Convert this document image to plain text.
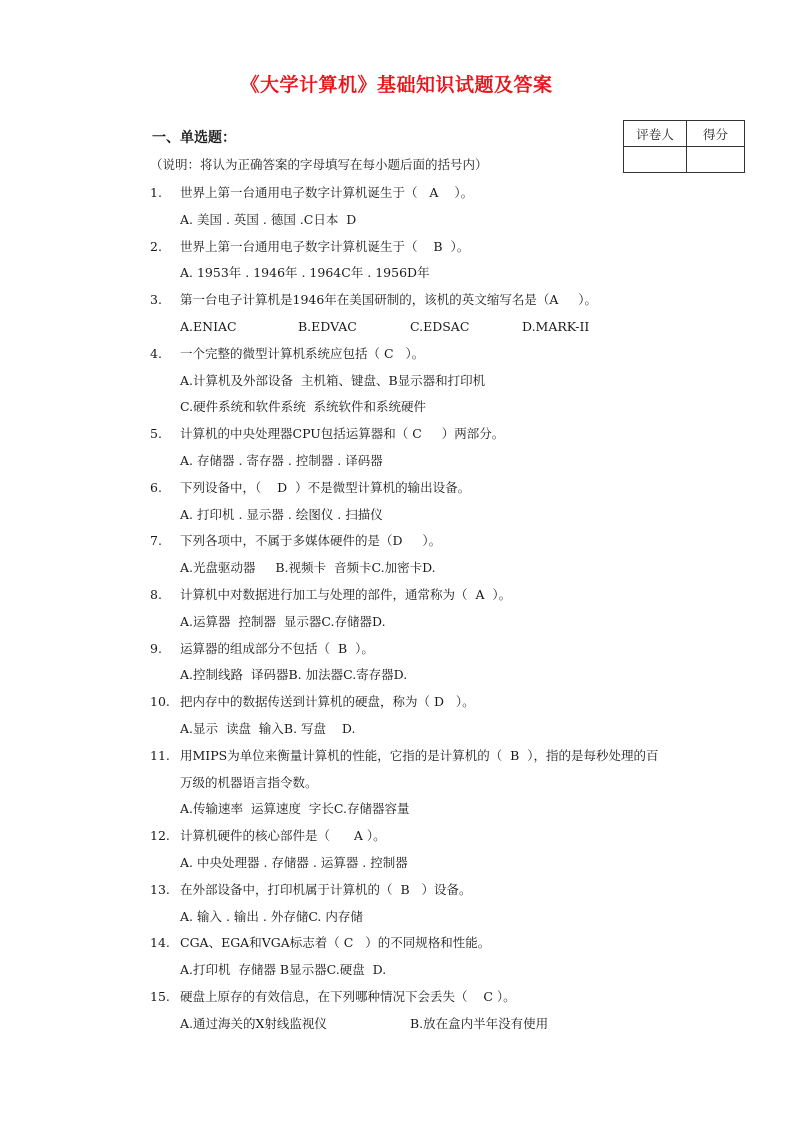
《大学计算机》基础知识试题及答案
一、单选题：
（说明：将认为正确答案的字母填写在每小题后面的括号内）
评卷人	得分

1. 世界上第一台通用电子数字计算机诞生于（   A    ）。
A. 美国 . 英国 . 德国 .C日本  D
2. 世界上第一台通用电子数字计算机诞生于（    B  ）。
A. 1953年 . 1946年 . 1964C年 . 1956D年
3. 第一台电子计算机是1946年在美国研制的，该机的英文缩写名是（A     ）。
A.ENIAC	B.EDVAC	C.EDSAC	D.MARK-II
4. 一个完整的微型计算机系统应包括（ C   ）。
A.计算机及外部设备  主机箱、键盘、B显示器和打印机
C.硬件系统和软件系统  系统软件和系统硬件
5. 计算机的中央处理器CPU包括运算器和（ C     ）两部分。
A. 存储器 . 寄存器 . 控制器 . 译码器
6. 下列设备中，（    D  ）不是微型计算机的输出设备。
A. 打印机 . 显示器 . 绘图仪 . 扫描仪
7. 下列各项中，不属于多媒体硬件的是（D     ）。
A.光盘驱动器     B.视频卡  音频卡C.加密卡D.
8. 计算机中对数据进行加工与处理的部件，通常称为（  A  ）。
A.运算器  控制器  显示器C.存储器D.
9. 运算器的组成部分不包括（  B  ）。
A.控制线路  译码器B. 加法器C.寄存器D.
10. 把内存中的数据传送到计算机的硬盘，称为（ D   ）。
A.显示  读盘  输入B. 写盘    D.
11. 用MIPS为单位来衡量计算机的性能，它指的是计算机的（  B  ），指的是每秒处理的百
万级的机器语言指令数。
A.传输速率  运算速度  字长C.存储器容量
12. 计算机硬件的核心部件是（      A ）。
A. 中央处理器 . 存储器 . 运算器 . 控制器
13. 在外部设备中，打印机属于计算机的（  B   ）设备。
A. 输入 . 输出 . 外存储C. 内存储
14. CGA、EGA和VGA标志着（ C   ）的不同规格和性能。
A.打印机  存储器 B显示器C.硬盘  D.
15. 硬盘上原存的有效信息，在下列哪种情况下会丢失（    C ）。
A.通过海关的X射线监视仪	B.放在盒内半年没有使用
